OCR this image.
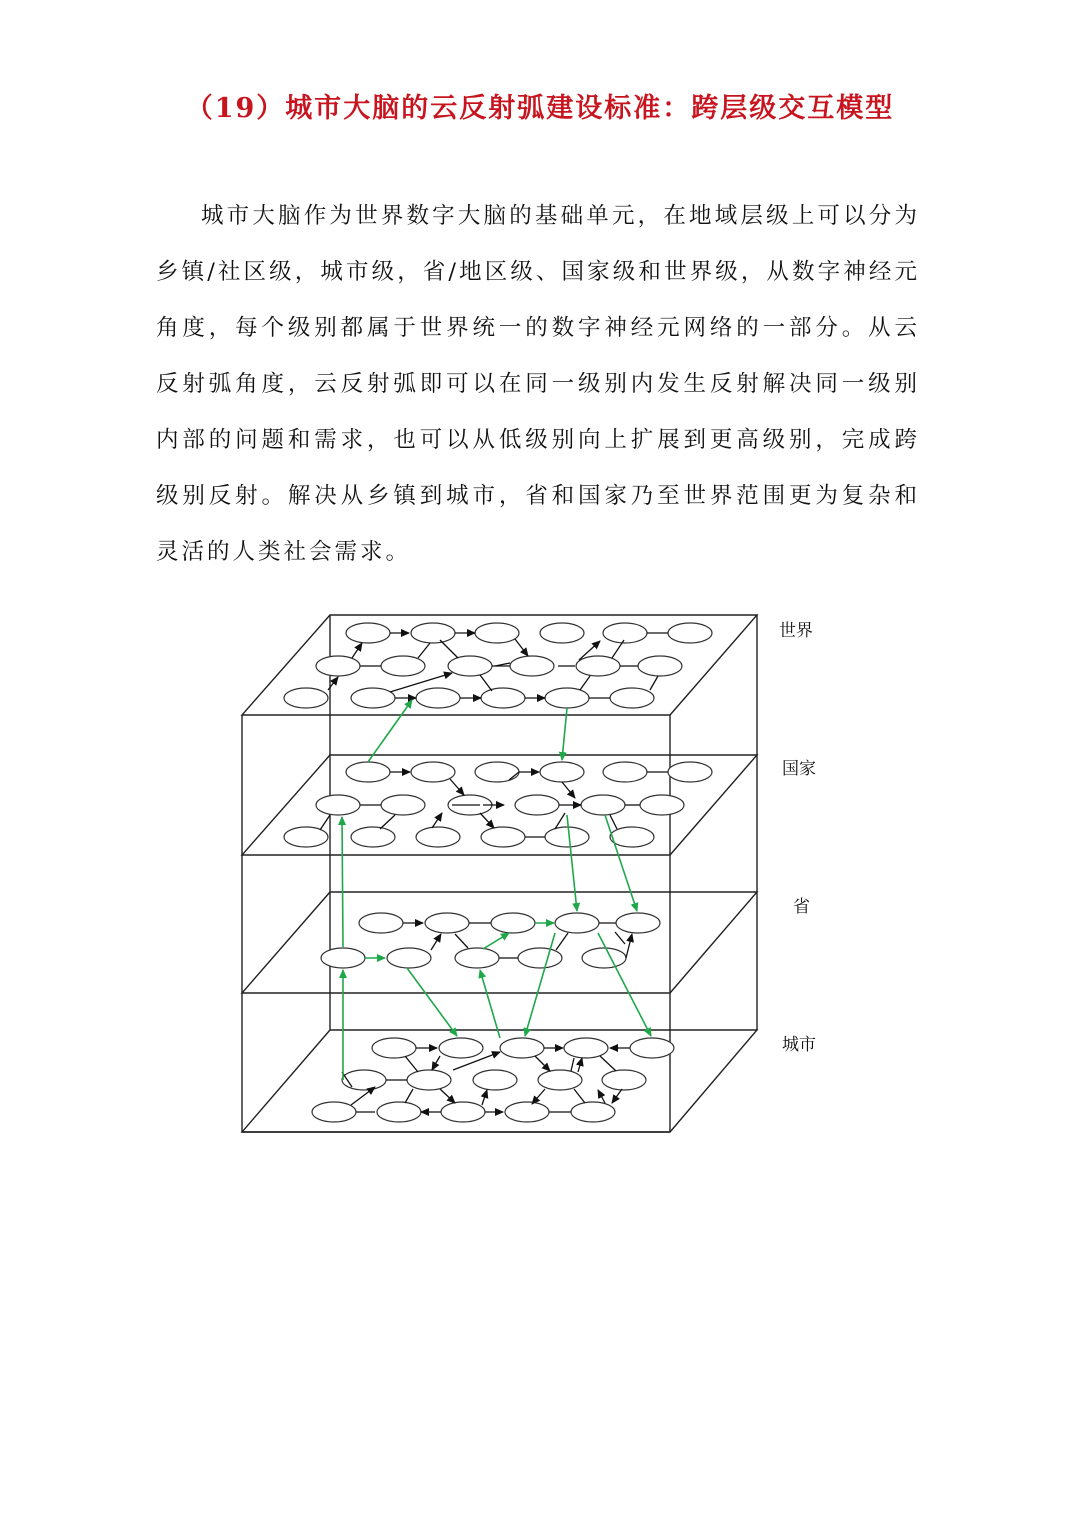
（19）城市大脑的云反射弧建设标准：跨层级交互模型
城市大脑作为世界数字大脑的基础单元，在地域层级上可以分为乡镇/社区级，城市级，省/地区级、国家级和世界级，从数字神经元角度，每个级别都属于世界统一的数字神经元网络的一部分。从云反射弧角度，云反射弧即可以在同一级别内发生反射解决同一级别内部的问题和需求，也可以从低级别向上扩展到更高级别，完成跨级别反射。解决从乡镇到城市，省和国家乃至世界范围更为复杂和灵活的人类社会需求。
世界
国家
省
城市
